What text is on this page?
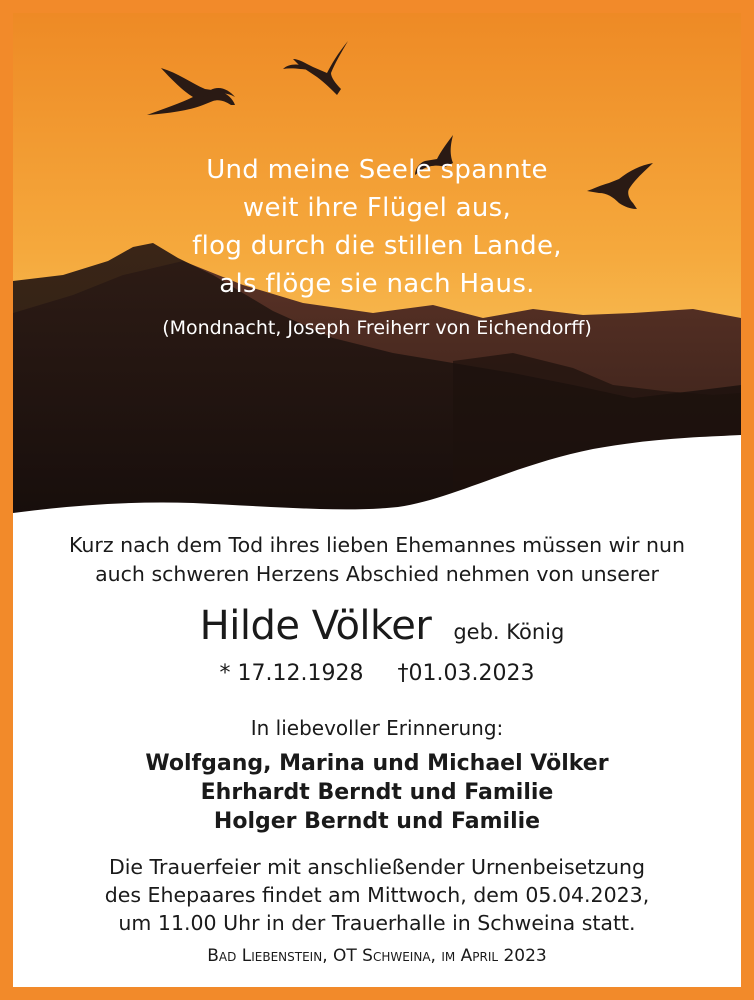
Und meine Seele spannte
weit ihre Flügel aus,
flog durch die stillen Lande,
als flöge sie nach Haus.
(Mondnacht, Joseph Freiherr von Eichendorff)
Kurz nach dem Tod ihres lieben Ehemannes müssen wir nun
auch schweren Herzens Abschied nehmen von unserer
Hilde Völker geb. König
* 17.12.1928 †01.03.2023
In liebevoller Erinnerung:
Wolfgang, Marina und Michael Völker
Ehrhardt Berndt und Familie
Holger Berndt und Familie
Die Trauerfeier mit anschließender Urnenbeisetzung
des Ehepaares findet am Mittwoch, dem 05.04.2023,
um 11.00 Uhr in der Trauerhalle in Schweina statt.
Bad Liebenstein, OT Schweina, im April 2023
